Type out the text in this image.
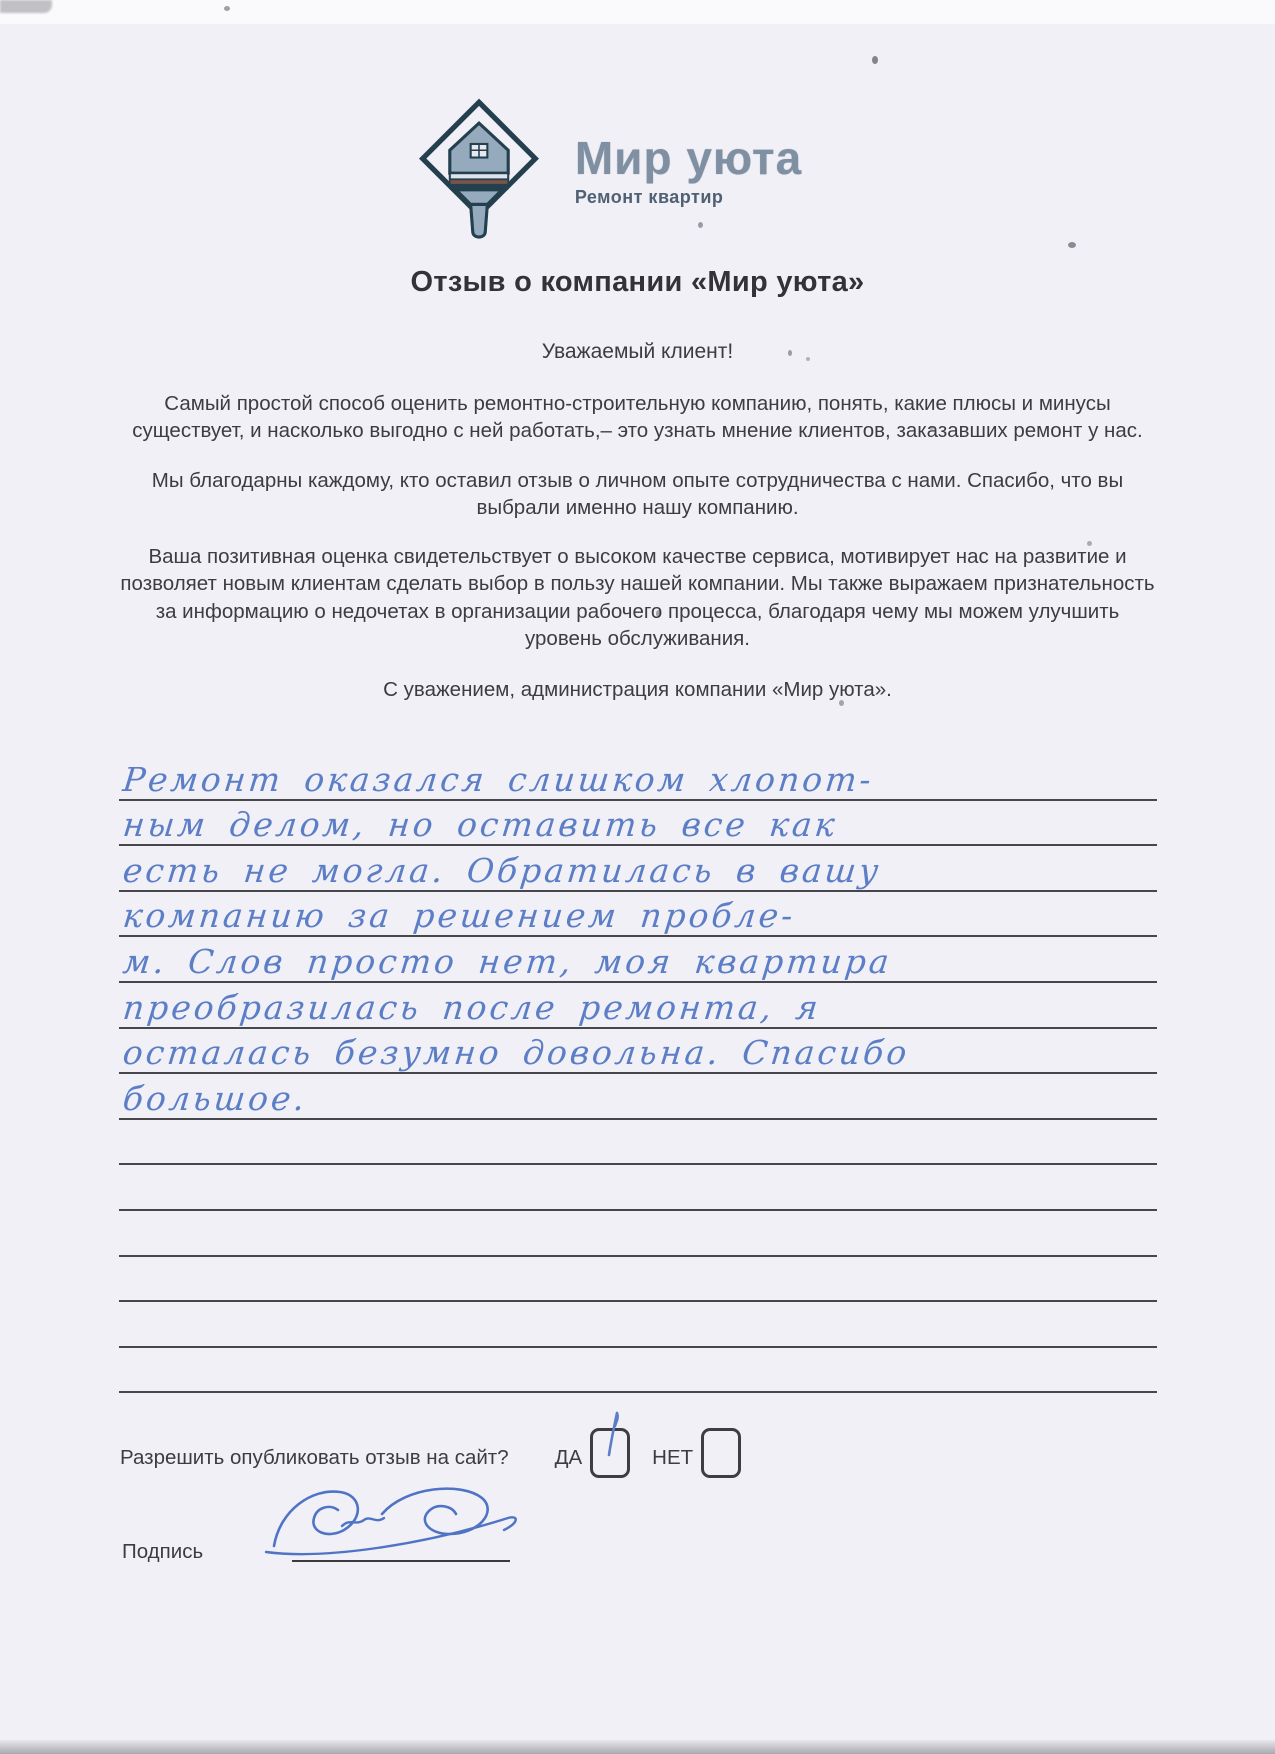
Мир уюта
Ремонт квартир
Отзыв о компании «Мир уюта»

Уважаемый клиент!

Самый простой способ оценить ремонтно-строительную компанию, понять, какие плюсы и минусы существует, и насколько выгодно с ней работать,– это узнать мнение клиентов, заказавших ремонт у нас.

Мы благодарны каждому, кто оставил отзыв о личном опыте сотрудничества с нами. Спасибо, что вы выбрали именно нашу компанию.

Ваша позитивная оценка свидетельствует о высоком качестве сервиса, мотивирует нас на развитие и позволяет новым клиентам сделать выбор в пользу нашей компании. Мы также выражаем признательность за информацию о недочетах в организации рабочего процесса, благодаря чему мы можем улучшить уровень обслуживания.

С уважением, администрация компании «Мир уюта».

Ремонт оказался слишком хлопот-
ным делом, но оставить все как
есть не могла. Обратилась в вашу
компанию за решением пробле-
м. Слов просто нет, моя квартира
преобразилась после ремонта, я
осталась безумно довольна. Спасибо
большое.
Разрешить опубликовать отзыв на сайт? ДА	НЕТ
Подпись
